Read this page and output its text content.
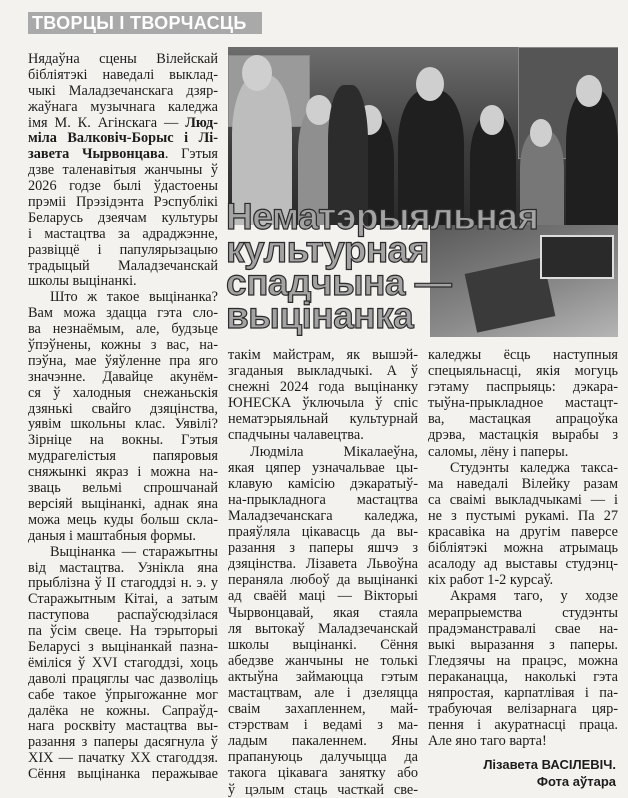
ТВОРЦЫ І ТВОРЧАСЦЬ
Нематэрыяльная
культурная
спадчына —
выцінанка
Нядаўна сцены Вілейскай
бібліятэкі наведалі выклад-
чыкі Маладзечанскага дзяр-
жаўнага музычнага каледжа
імя М. К. Агінскага — Люд-
міла Валковіч-Борыс і Лі-
завета Чырвонцава. Гэтыя
дзве таленавітыя жанчыны ў
2026 годзе былі ўдастоены
прэміі Прэзідэнта Рэспублікі
Беларусь дзеячам культуры
і мастацтва за адраджэнне,
развіццё і папулярызацыю
традыцый Маладзечанскай
школы выцінанкі.
Што ж такое выцінанка?
Вам можа здацца гэта сло-
ва незнаёмым, але, будзьце
ўпэўнены, кожны з вас, на-
пэўна, мае ўяўленне пра яго
значэнне. Давайце акунём-
ся ў халодныя снежаньскія
дзянькі свайго дзяцінства,
уявім школьны клас. Уявілі?
Зірніце на вокны. Гэтыя
мудрагелістыя папяровыя
сняжынкі якраз і можна на-
зваць вельмі спрошчанай
версіяй выцінанкі, аднак яна
можа мець куды больш скла-
даныя і маштабныя формы.
Выцінанка — старажытны
від мастацтва. Узнікла яна
прыблізна ў ІІ стагоддзі н. э. у
Старажытным Кітаі, а затым
паступова распаўсюдзілася
па ўсім свеце. На тэрыторыі
Беларусі з выцінанкай пазна-
ёміліся ў XVI стагоддзі, хоць
даволі працяглы час дазволіць
сабе такое ўпрыгожанне мог
далёка не кожны. Сапраўд-
нага росквіту мастацтва вы-
разання з паперы дасягнула ў
XIX — пачатку XX стагоддзя.
Сёння выцінанка перажывае
такім майстрам, як вышэй-
згаданыя выкладчыкі. А ў
снежні 2024 года выцінанку
ЮНЕСКА ўключыла ў спіс
нематэрыяльнай культурнай
спадчыны чалавецтва.
Людміла Мікалаеўна,
якая цяпер узначальвае цы-
клавую камісію дэкаратыў-
на-прыкладнога мастацтва
Маладзечанскага каледжа,
праяўляла цікавасць да вы-
разання з паперы яшчэ з
дзяцінства. Лізавета Львоўна
пераняла любоў да выцінанкі
ад сваёй маці — Вікторыі
Чырвонцавай, якая стаяла
ля вытокаў Маладзечанскай
школы выцінанкі. Сёння
абедзве жанчыны не толькі
актыўна займаюцца гэтым
мастацтвам, але і дзеляцца
сваім захапленнем, май-
стэрствам і ведамі з ма-
ладым пакаленнем. Яны
прапануюць далучыцца да
такога цікавага занятку або
ў цэлым стаць часткай све-
каледжы ёсць наступныя
спецыяльнасці, якія могуць
гэтаму паспрыяць: дэкара-
тыўна-прыкладное мастацт-
ва, мастацкая апрацоўка
дрэва, мастацкія вырабы з
саломы, лёну і паперы.
Студэнты каледжа такса-
ма наведалі Вілейку разам
са сваімі выкладчыкамі — і
не з пустымі рукамі. Па 27
красавіка на другім паверсе
бібліятэкі можна атрымаць
асалоду ад выставы студэнц-
кіх работ 1-2 курсаў.
Акрамя таго, у ходзе
мерапрыемства студэнты
прадэманстравалі свае на-
выкі выразання з паперы.
Гледзячы на працэс, можна
пераканацца, наколькі гэта
няпростая, карпатлівая і па-
трабуючая велізарнага цяр-
пення і акуратнасці праца.
Але яно таго варта!
Лізавета ВАСІЛЕВІЧ.
Фота аўтара
